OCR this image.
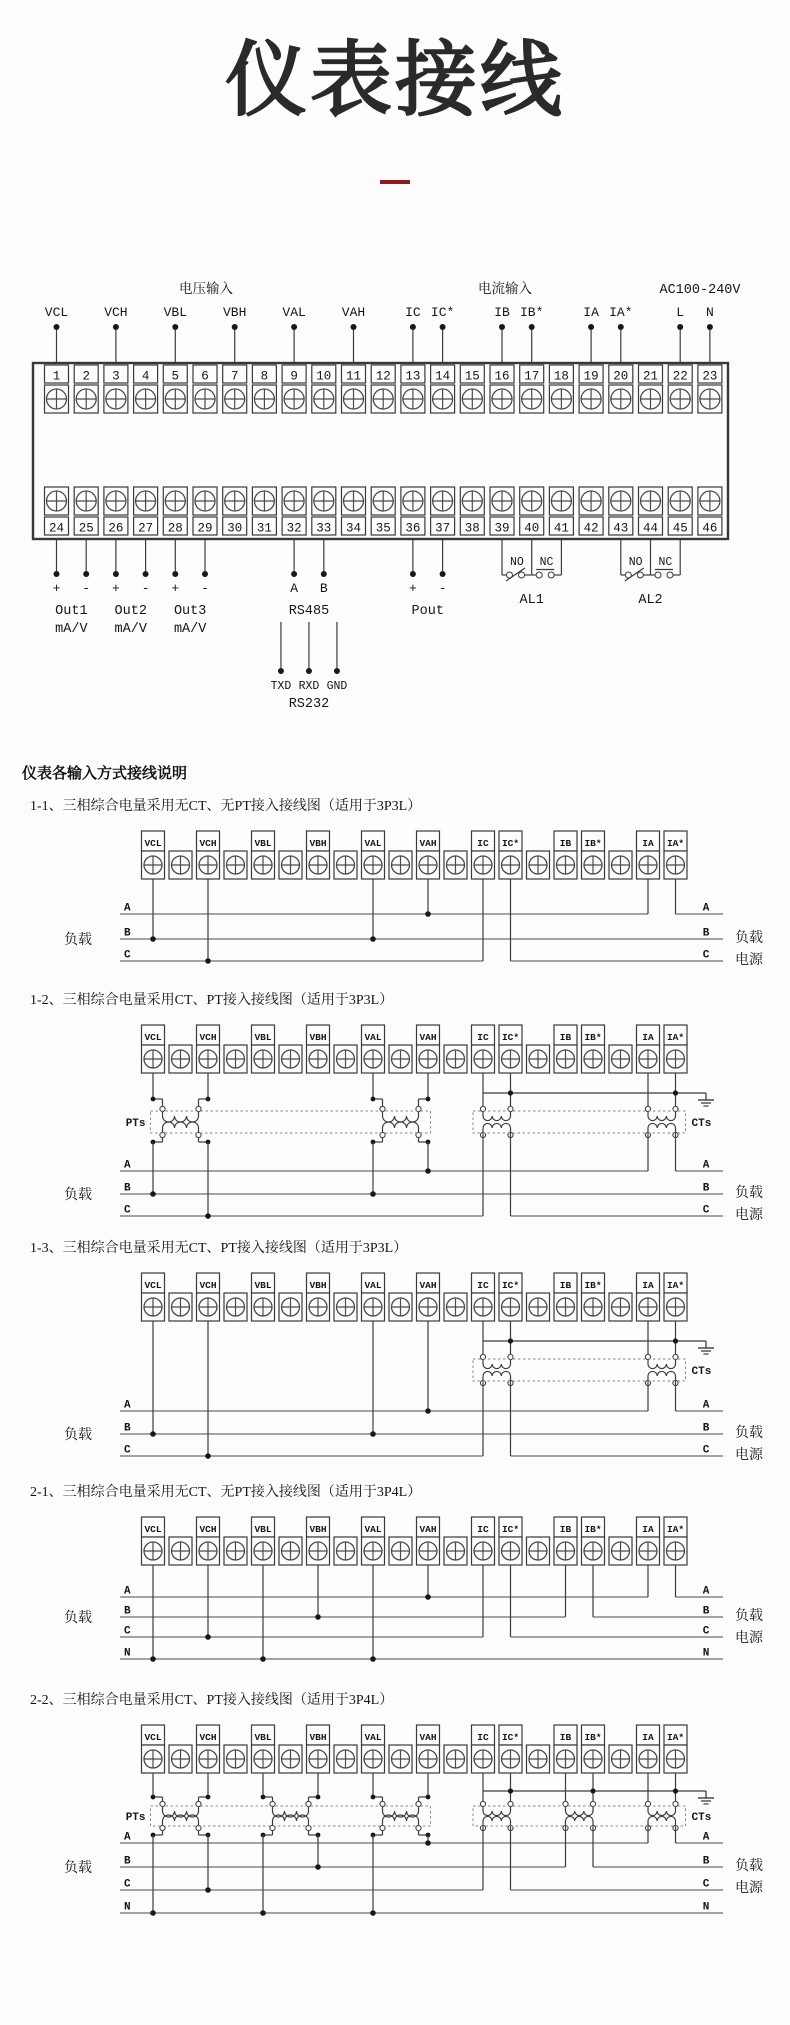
仪表接线
电压输入	电流输入	AC100-240V
VCL	VCH	VBL	VBH	VAL	VAH	IC IC*	IB IB*	IA IA*	L N
1 2 3 4 5 6 7 8 9 10 11 12 13 14 15 16 17 18 19 20 21 22 23
24 25 26 27 28 29 30 31 32 33 34 35 36 37 38 39 40 41 42 43 44 45 46
+ -
Out1
mA/V
+ -
Out2
mA/V
+ -
Out3
mA/V
A B
RS485
TXD RXD GND
RS232
+ -
Pout
NO NC
AL1
NO NC
AL2
仪表各输入方式接线说明
1-1、三相综合电量采用无CT、无PT接入接线图（适用于3P3L）
VCL	VCH	VBL	VBH	VAL	VAH	IC IC*	IB IB*	IA IA*
A	A
B	B
C	C
负载	负载
电源
1-2、三相综合电量采用CT、PT接入接线图（适用于3P3L）
VCL	VCH	VBL	VBH	VAL	VAH	IC IC*	IB IB*	IA IA*
A	A
B	B
C	C
负载	负载
电源
PTs	CTs
1-3、三相综合电量采用无CT、PT接入接线图（适用于3P3L）
VCL	VCH	VBL	VBH	VAL	VAH	IC IC*	IB IB*	IA IA*
A	A
B	B
C	C
负载	负载
电源
CTs
2-1、三相综合电量采用无CT、无PT接入接线图（适用于3P4L）
VCL	VCH	VBL	VBH	VAL	VAH	IC IC*	IB IB*	IA IA*
A	A
B	B
C	C
N	N
负载	负载
电源
2-2、三相综合电量采用CT、PT接入接线图（适用于3P4L）
VCL	VCH	VBL	VBH	VAL	VAH	IC IC*	IB IB*	IA IA*
A	A
B	B
C	C
N	N
负载	负载
电源
PTs	CTs
